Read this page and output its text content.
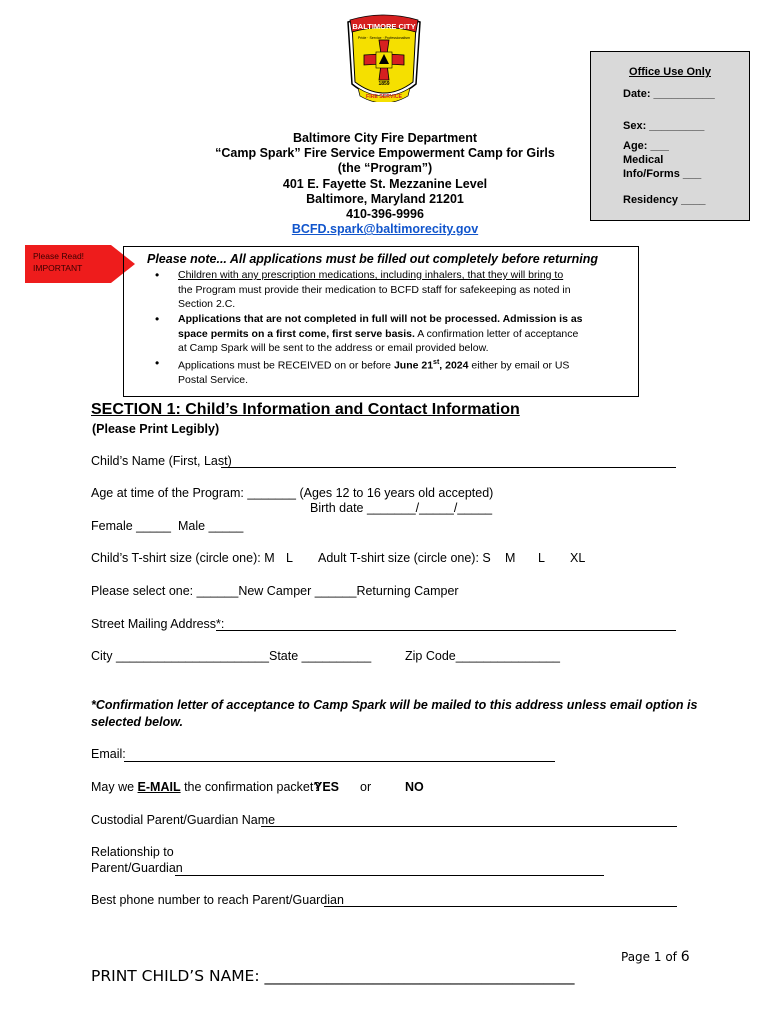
BALTIMORE CITY
Pride · Service · Professionalism
1859
FIRE SERVICE
Office Use Only
Date: __________
Sex: _________
Age: ___
Medical
Info/Forms ___
Residency ____
Baltimore City Fire Department
“Camp Spark” Fire Service Empowerment Camp for Girls
(the “Program”)
401 E. Fayette St. Mezzanine Level
Baltimore, Maryland 21201
410-396-9996
BCFD.spark@baltimorecity.gov
Please Read!
IMPORTANT
Please note... All applications must be filled out completely before returning
• Children with any prescription medications, including inhalers, that they will bring to
the Program must provide their medication to BCFD staff for safekeeping as noted in
Section 2.C.
• Applications that are not completed in full will not be processed. Admission is as
space permits on a first come, first serve basis. A confirmation letter of acceptance
at Camp Spark will be sent to the address or email provided below.
• Applications must be RECEIVED on or before June 21st, 2024 either by email or US
Postal Service.
SECTION 1: Child’s Information and Contact Information
(Please Print Legibly)
Child’s Name (First, Last)
Age at time of the Program: _______ (Ages 12 to 16 years old accepted)
Birth date _______/_____/_____
Female _____ Male _____
Child’s T-shirt size (circle one): M L Adult T-shirt size (circle one): S M L XL
Please select one: ______New Camper ______Returning Camper
Street Mailing Address*:
City ______________________ State __________	Zip Code_______________
*Confirmation letter of acceptance to Camp Spark will be mailed to this address unless email option is
selected below.
Email:
May we E-MAIL the confirmation packet?
YES or	NO
Custodial Parent/Guardian Name
Relationship to
Parent/Guardian
Best phone number to reach Parent/Guardian
Page 1 of 6
PRINT CHILD’S NAME: ________________________________________
